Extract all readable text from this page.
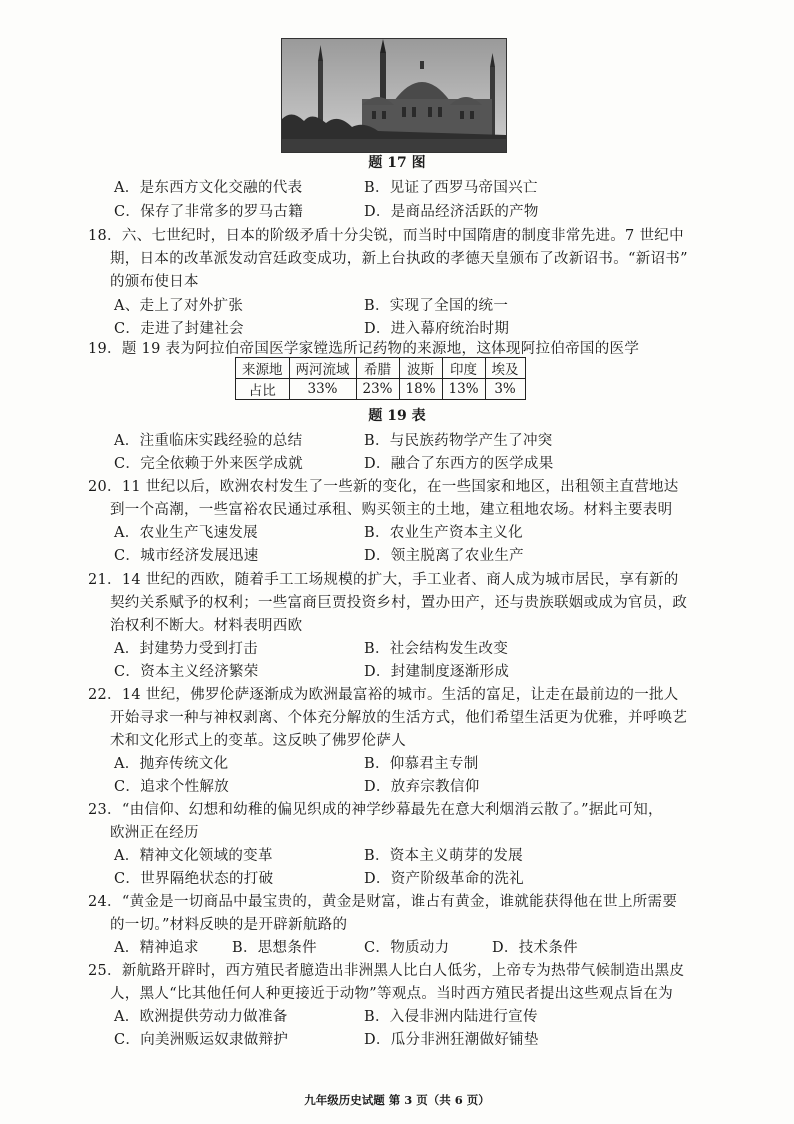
题 17 图
A．是东西方文化交融的代表	B．见证了西罗马帝国兴亡
C．保存了非常多的罗马古籍	D．是商品经济活跃的产物
18．六、七世纪时，日本的阶级矛盾十分尖锐，而当时中国隋唐的制度非常先进。7 世纪中
期，日本的改革派发动宫廷政变成功，新上台执政的孝德天皇颁布了改新诏书。“新诏书”
的颁布使日本
A、走上了对外扩张	B．实现了全国的统一
C．走进了封建社会	D．进入幕府统治时期
19．题 19 表为阿拉伯帝国医学家镗选所记药物的来源地，这体现阿拉伯帝国的医学
来源地	两河流域	希腊	波斯	印度	埃及
占比	33%	23%	18%	13%	3%
题 19 表
A．注重临床实践经验的总结	B．与民族药物学产生了冲突
C．完全依赖于外来医学成就	D．融合了东西方的医学成果
20．11 世纪以后，欧洲农村发生了一些新的变化，在一些国家和地区，出租领主直营地达
到一个高潮，一些富裕农民通过承租、购买领主的土地，建立租地农场。材料主要表明
A．农业生产飞速发展	B．农业生产资本主义化
C．城市经济发展迅速	D．领主脱离了农业生产
21．14 世纪的西欧，随着手工工场规模的扩大，手工业者、商人成为城市居民，享有新的
契约关系赋予的权利；一些富商巨贾投资乡村，置办田产，还与贵族联姻或成为官员，政
治权利不断大。材料表明西欧
A．封建势力受到打击	B．社会结构发生改变
C．资本主义经济繁荣	D．封建制度逐渐形成
22．14 世纪，佛罗伦萨逐渐成为欧洲最富裕的城市。生活的富足，让走在最前边的一批人
开始寻求一种与神权剥离、个体充分解放的生活方式，他们希望生活更为优雅，并呼唤艺
术和文化形式上的变革。这反映了佛罗伦萨人
A．抛弃传统文化	B．仰慕君主专制
C．追求个性解放	D．放弃宗教信仰
23．“由信仰、幻想和幼稚的偏见织成的神学纱幕最先在意大利烟消云散了。”据此可知，
欧洲正在经历
A．精神文化领域的变革	B．资本主义萌芽的发展
C．世界隔绝状态的打破	D．资产阶级革命的洗礼
24．“黄金是一切商品中最宝贵的，黄金是财富，谁占有黄金，谁就能获得他在世上所需要
的一切。”材料反映的是开辟新航路的
A．精神追求 B．思想条件	C．物质动力	D．技术条件
25．新航路开辟时，西方殖民者臆造出非洲黑人比白人低劣，上帝专为热带气候制造出黑皮
人，黑人“比其他任何人种更接近于动物”等观点。当时西方殖民者提出这些观点旨在为
A．欧洲提供劳动力做准备	B．入侵非洲内陆进行宣传
C．向美洲贩运奴隶做辩护	D．瓜分非洲狂潮做好铺垫
九年级历史试题 第 3 页（共 6 页）
